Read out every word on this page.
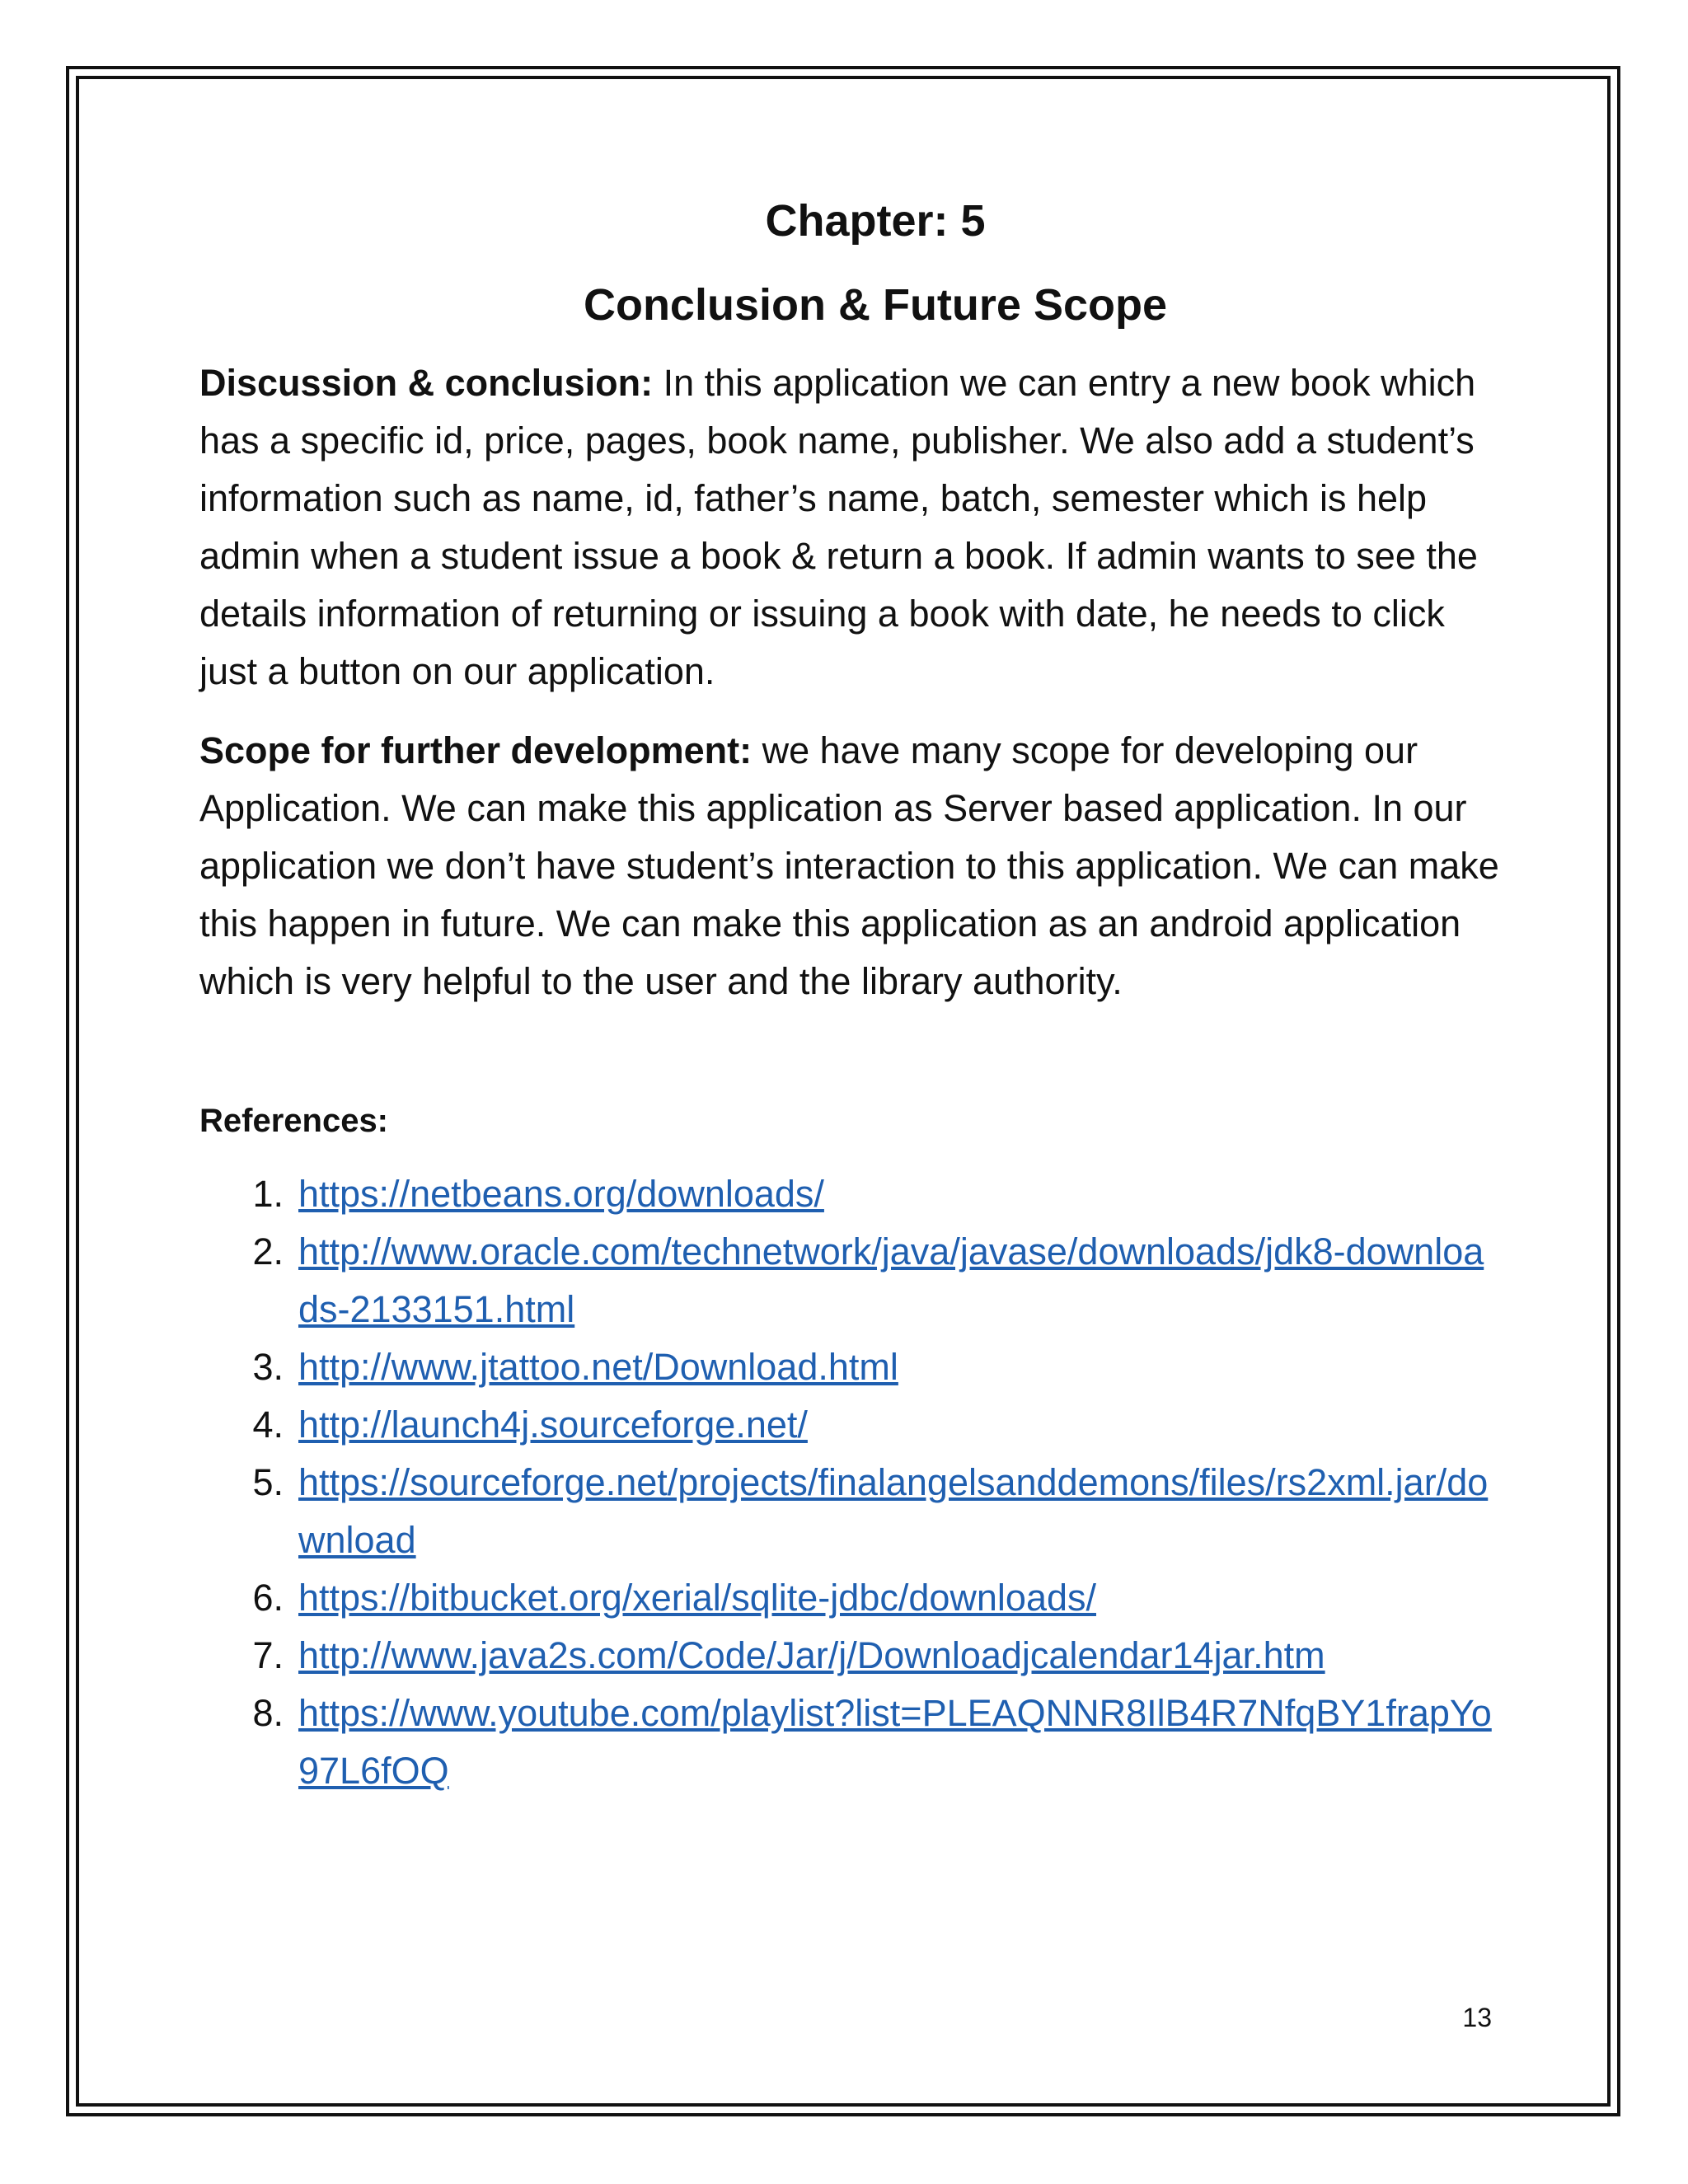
Chapter: 5
Conclusion & Future Scope

Discussion & conclusion: In this application we can entry a new book which has a specific id, price, pages, book name, publisher. We also add a student’s information such as name, id, father’s name, batch, semester which is help admin when a student issue a book & return a book. If admin wants to see the details information of returning or issuing a book with date, he needs to click just a button on our application.

Scope for further development: we have many scope for developing our Application. We can make this application as Server based application. In our application we don’t have student’s interaction to this application. We can make this happen in future. We can make this application as an android application which is very helpful to the user and the library authority.

References:
1. https://netbeans.org/downloads/
2. http://www.oracle.com/technetwork/java/javase/downloads/jdk8-downloads-2133151.html
3. http://www.jtattoo.net/Download.html
4. http://launch4j.sourceforge.net/
5. https://sourceforge.net/projects/finalangelsanddemons/files/rs2xml.jar/download
6. https://bitbucket.org/xerial/sqlite-jdbc/downloads/
7. http://www.java2s.com/Code/Jar/j/Downloadjcalendar14jar.htm
8. https://www.youtube.com/playlist?list=PLEAQNNR8IlB4R7NfqBY1frapYo97L6fOQ
13
